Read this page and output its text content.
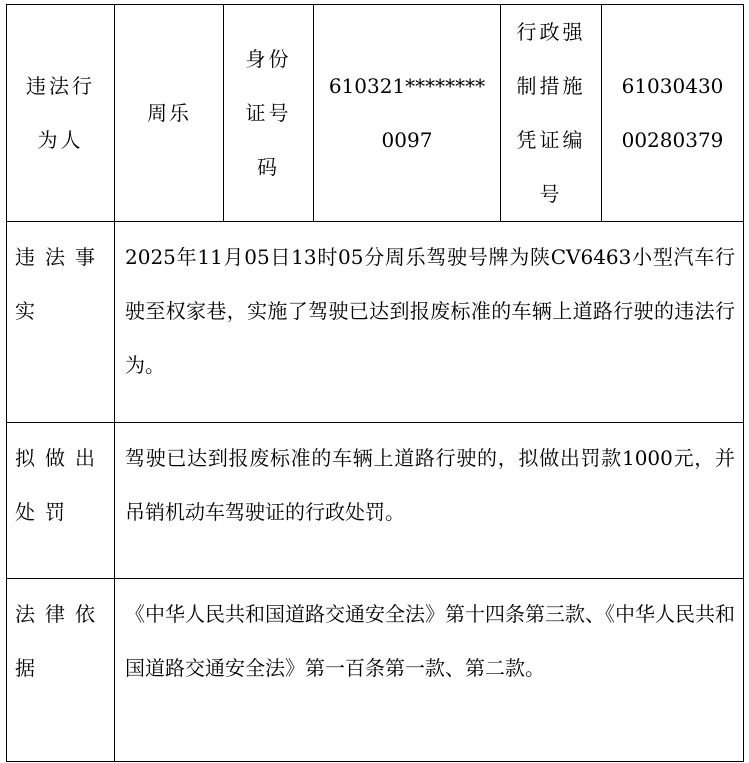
违法行为人	周乐	身份证号码	610321********0097	行政强制措施凭证编号	6103043000280379

违法事实	2025年11月05日13时05分周乐驾驶号牌为陕CV6463小型汽车行驶至权家巷，实施了驾驶已达到报废标准的车辆上道路行驶的违法行为。				

拟做出处罚	驾驶已达到报废标准的车辆上道路行驶的，拟做出罚款1000元，并吊销机动车驾驶证的行政处罚。				

法律依据	《中华人民共和国道路交通安全法》第十四条第三款、《中华人民共和国道路交通安全法》第一百条第一款、第二款。				
